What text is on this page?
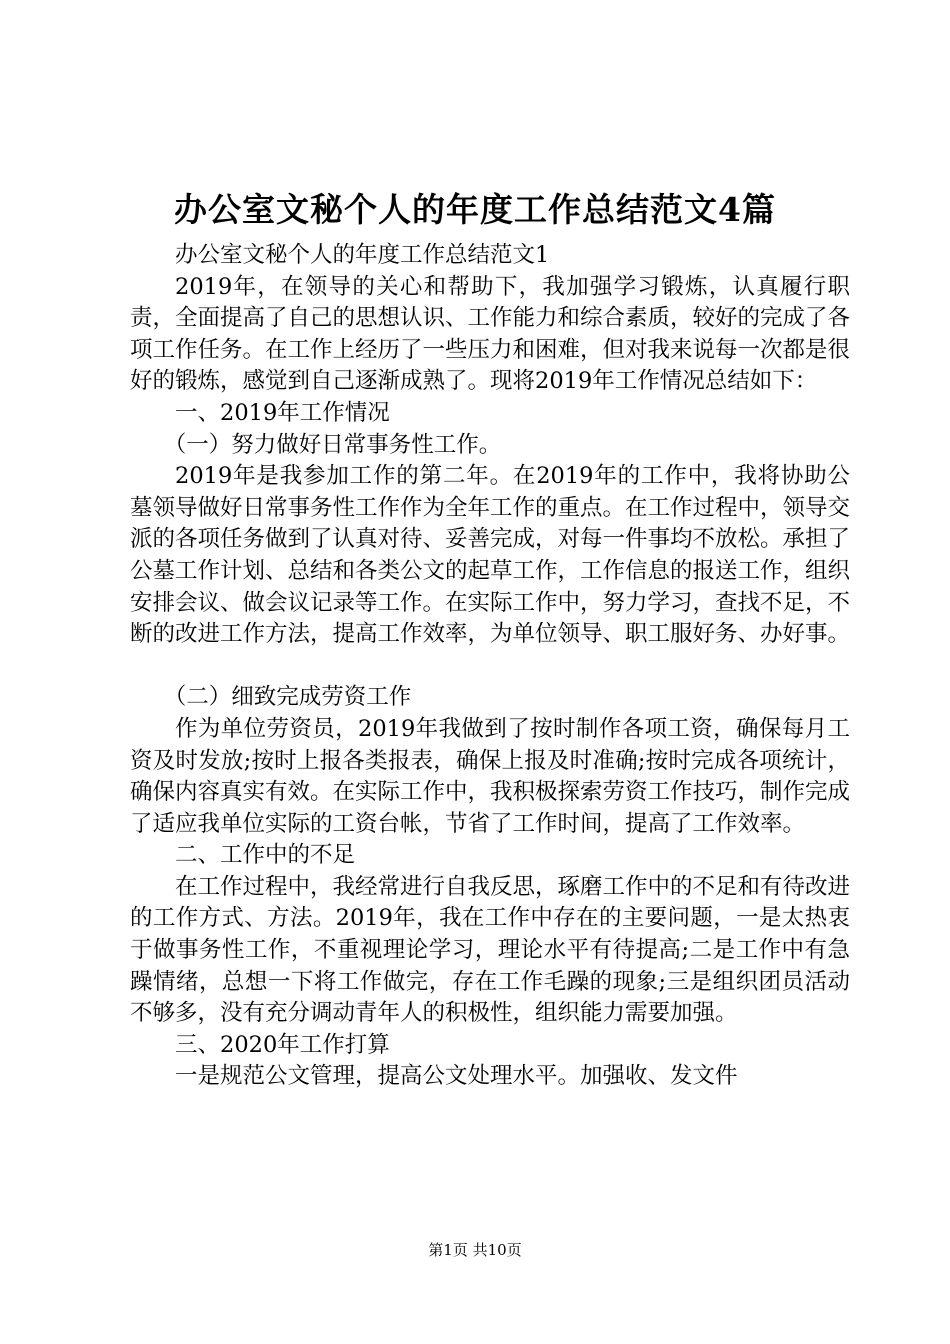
办公室文秘个人的年度工作总结范文4篇

办公室文秘个人的年度工作总结范文1

2019年，在领导的关心和帮助下，我加强学习锻炼，认真履行职责，全面提高了自己的思想认识、工作能力和综合素质，较好的完成了各项工作任务。在工作上经历了一些压力和困难，但对我来说每一次都是很好的锻炼，感觉到自己逐渐成熟了。现将2019年工作情况总结如下：

一、2019年工作情况

（一）努力做好日常事务性工作。

2019年是我参加工作的第二年。在2019年的工作中，我将协助公墓领导做好日常事务性工作作为全年工作的重点。在工作过程中，领导交派的各项任务做到了认真对待、妥善完成，对每一件事均不放松。承担了公墓工作计划、总结和各类公文的起草工作，工作信息的报送工作，组织安排会议、做会议记录等工作。在实际工作中，努力学习，查找不足，不断的改进工作方法，提高工作效率，为单位领导、职工服好务、办好事。

（二）细致完成劳资工作

作为单位劳资员，2019年我做到了按时制作各项工资，确保每月工资及时发放;按时上报各类报表，确保上报及时准确;按时完成各项统计，确保内容真实有效。在实际工作中，我积极探索劳资工作技巧，制作完成了适应我单位实际的工资台帐，节省了工作时间，提高了工作效率。

二、工作中的不足

在工作过程中，我经常进行自我反思，琢磨工作中的不足和有待改进的工作方式、方法。2019年，我在工作中存在的主要问题，一是太热衷于做事务性工作，不重视理论学习，理论水平有待提高;二是工作中有急躁情绪，总想一下将工作做完，存在工作毛躁的现象;三是组织团员活动不够多，没有充分调动青年人的积极性，组织能力需要加强。

三、2020年工作打算

一是规范公文管理，提高公文处理水平。加强收、发文件

第1页 共10页
